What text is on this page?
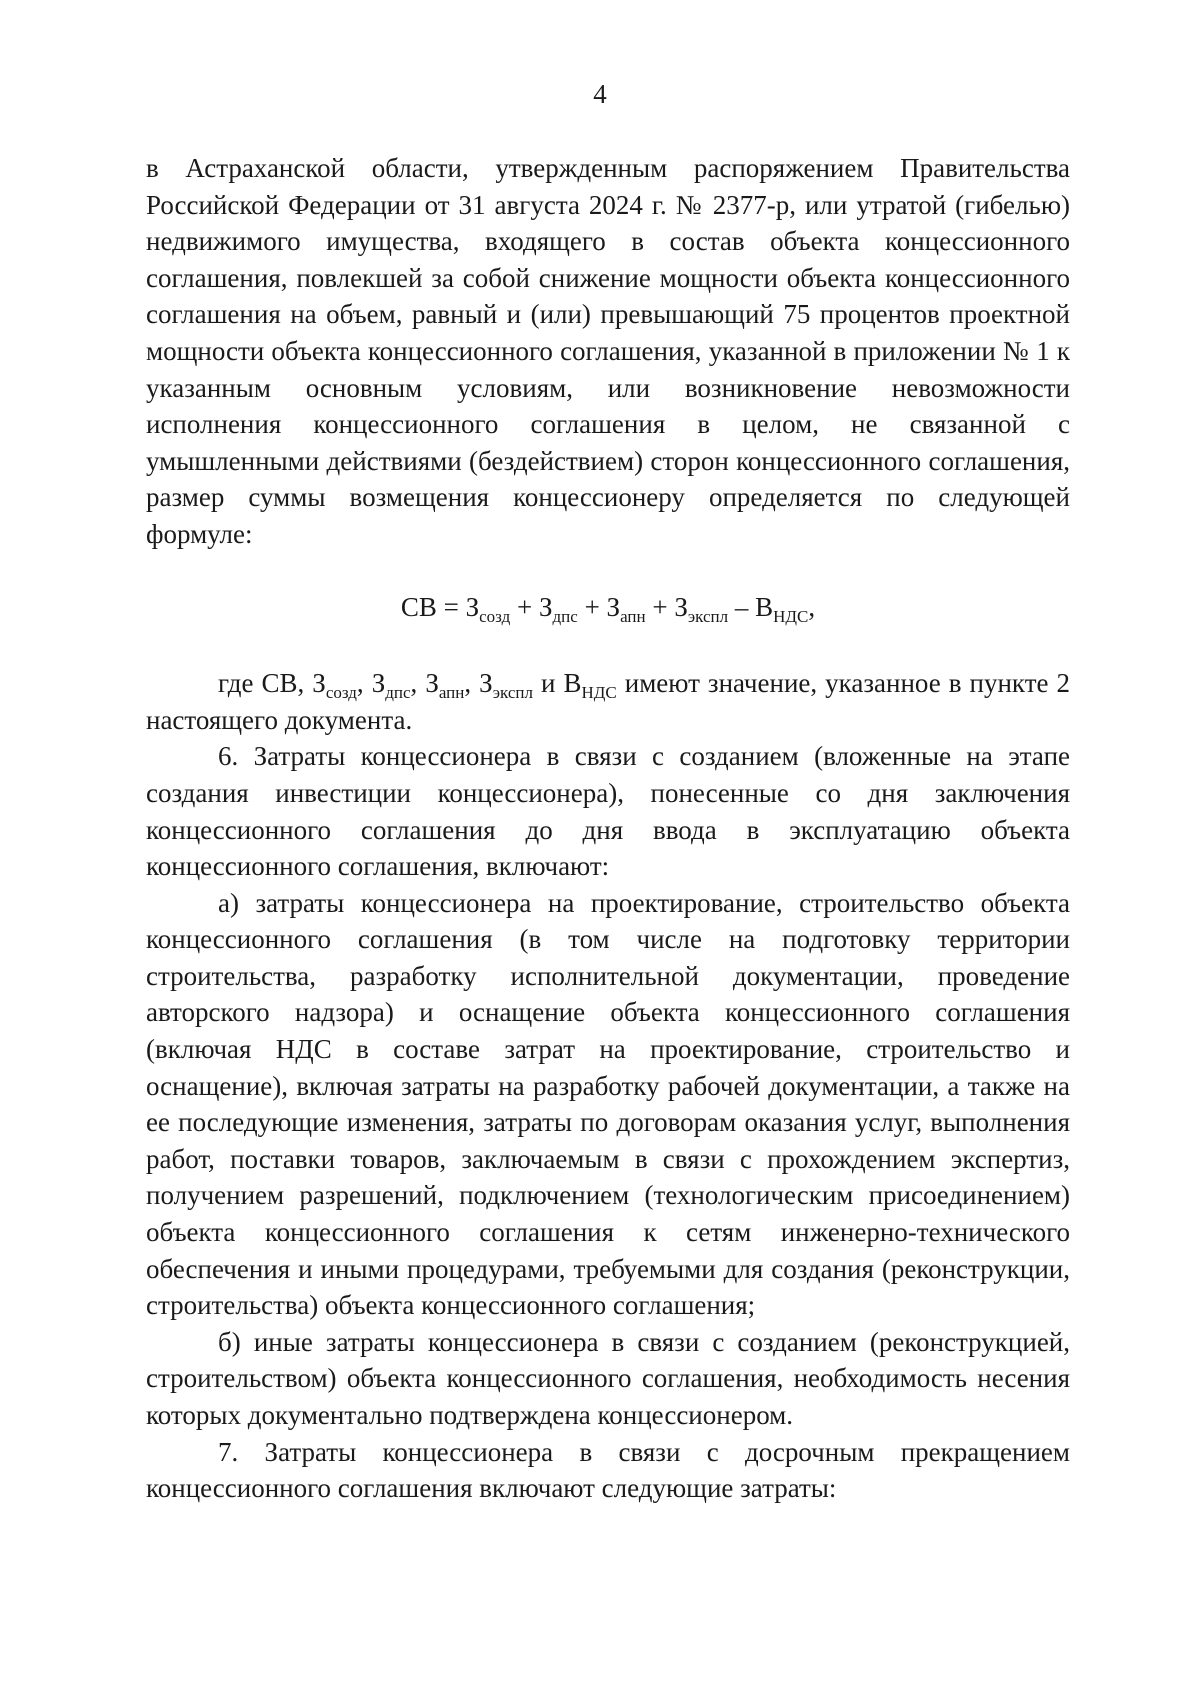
4

в Астраханской области, утвержденным распоряжением Правительства Российской Федерации от 31 августа 2024 г. № 2377-р, или утратой (гибелью) недвижимого имущества, входящего в состав объекта концессионного соглашения, повлекшей за собой снижение мощности объекта концессионного соглашения на объем, равный и (или) превышающий 75 процентов проектной мощности объекта концессионного соглашения, указанной в приложении № 1 к указанным основным условиям, или возникновение невозможности исполнения концессионного соглашения в целом, не связанной с умышленными действиями (бездействием) сторон концессионного соглашения, размер суммы возмещения концессионеру определяется по следующей формуле:

СВ = $З_{созд} + З_{дпс} + З_{апн} + З_{экспл} - В_{НДС}$,

где СВ, $З_{созд}$, $З_{дпс}$, $З_{апн}$, $З_{экспл}$ и $В_{НДС}$ имеют значение, указанное в пункте 2 настоящего документа.

6. Затраты концессионера в связи с созданием (вложенные на этапе создания инвестиции концессионера), понесенные со дня заключения концессионного соглашения до дня ввода в эксплуатацию объекта концессионного соглашения, включают:

а) затраты концессионера на проектирование, строительство объекта концессионного соглашения (в том числе на подготовку территории строительства, разработку исполнительной документации, проведение авторского надзора) и оснащение объекта концессионного соглашения (включая НДС в составе затрат на проектирование, строительство и оснащение), включая затраты на разработку рабочей документации, а также на ее последующие изменения, затраты по договорам оказания услуг, выполнения работ, поставки товаров, заключаемым в связи с прохождением экспертиз, получением разрешений, подключением (технологическим присоединением) объекта концессионного соглашения к сетям инженерно-технического обеспечения и иными процедурами, требуемыми для создания (реконструкции, строительства) объекта концессионного соглашения;

б) иные затраты концессионера в связи с созданием (реконструкцией, строительством) объекта концессионного соглашения, необходимость несения которых документально подтверждена концессионером.

7. Затраты концессионера в связи с досрочным прекращением концессионного соглашения включают следующие затраты:
